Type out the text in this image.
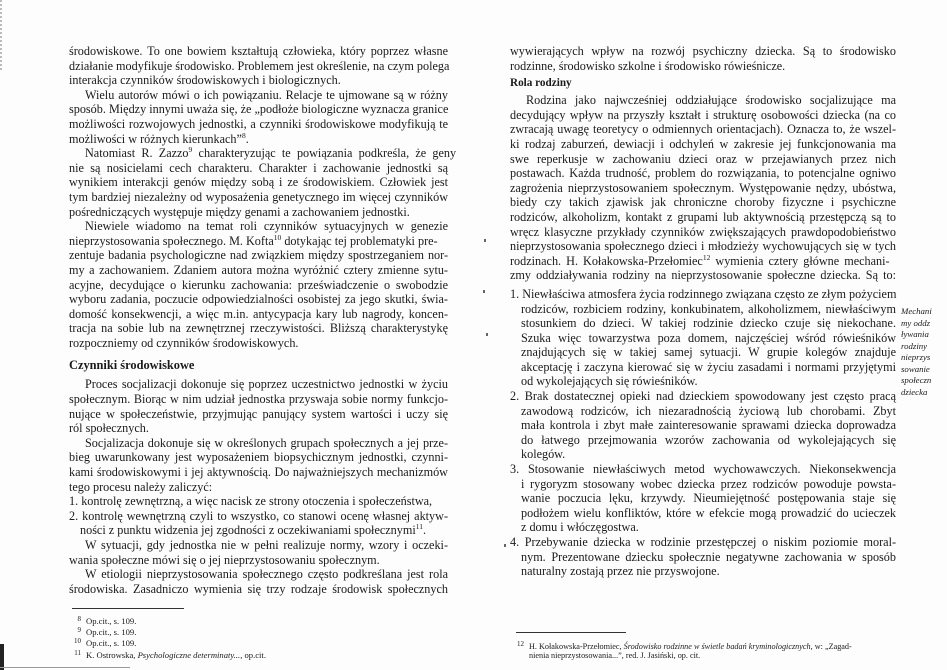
środowiskowe. To one bowiem kształtują człowieka, który poprzez własne
działanie modyfikuje środowisko. Problemem jest określenie, na czym polega
interakcja czynników środowiskowych i biologicznych.
Wielu autorów mówi o ich powiązaniu. Relacje te ujmowane są w różny
sposób. Między innymi uważa się, że „podłoże biologiczne wyznacza granice
możliwości rozwojowych jednostki, a czynniki środowiskowe modyfikują te
możliwości w różnych kierunkach”$^8$.
Natomiast R. Zazzo$^9$ charakteryzując te powiązania podkreśla, że geny
nie są nosicielami cech charakteru. Charakter i zachowanie jednostki są
wynikiem interakcji genów między sobą i ze środowiskiem. Człowiek jest
tym bardziej niezależny od wyposażenia genetycznego im więcej czynników
pośredniczących występuje między genami a zachowaniem jednostki.
Niewiele wiadomo na temat roli czynników sytuacyjnych w genezie
nieprzystosowania społecznego. M. Kofta$^{10}$ dotykając tej problematyki pre-
zentuje badania psychologiczne nad związkiem między spostrzeganiem nor-
my a zachowaniem. Zdaniem autora można wyróżnić cztery zmienne sytu-
acyjne, decydujące o kierunku zachowania: przeświadczenie o swobodzie
wyboru zadania, poczucie odpowiedzialności osobistej za jego skutki, świa-
domość konsekwencji, a więc m.in. antycypacja kary lub nagrody, koncen-
tracja na sobie lub na zewnętrznej rzeczywistości. Bliższą charakterystykę
rozpoczniemy od czynników środowiskowych.
Czynniki środowiskowe
Proces socjalizacji dokonuje się poprzez uczestnictwo jednostki w życiu
społecznym. Biorąc w nim udział jednostka przyswaja sobie normy funkcjo-
nujące w społeczeństwie, przyjmując panujący system wartości i uczy się
ról społecznych.
Socjalizacja dokonuje się w określonych grupach społecznych a jej prze-
bieg uwarunkowany jest wyposażeniem biopsychicznym jednostki, czynni-
kami środowiskowymi i jej aktywnością. Do najważniejszych mechanizmów
tego procesu należy zaliczyć:
1. kontrolę zewnętrzną, a więc nacisk ze strony otoczenia i społeczeństwa,
2. kontrolę wewnętrzną czyli to wszystko, co stanowi ocenę własnej aktyw-
ności z punktu widzenia jej zgodności z oczekiwaniami społecznymi$^{11}$.
W sytuacji, gdy jednostka nie w pełni realizuje normy, wzory i oczeki-
wania społeczne mówi się o jej nieprzystosowaniu społecznym.
W etiologii nieprzystosowania społecznego często podkreślana jest rola
środowiska. Zasadniczo wymienia się trzy rodzaje środowisk społecznych
8 Op.cit., s. 109.
9 Op.cit., s. 109.
10 Op.cit., s. 109.
11 K. Ostrowska, Psychologiczne determinaty..., op.cit.
wywierających wpływ na rozwój psychiczny dziecka. Są to środowisko
rodzinne, środowisko szkolne i środowisko rówieśnicze.
Rola rodziny
Rodzina jako najwcześniej oddziałujące środowisko socjalizujące ma
decydujący wpływ na przyszły kształt i strukturę osobowości dziecka (na co
zwracają uwagę teoretycy o odmiennych orientacjach). Oznacza to, że wszel-
ki rodzaj zaburzeń, dewiacji i odchyleń w zakresie jej funkcjonowania ma
swe reperkusje w zachowaniu dzieci oraz w przejawianych przez nich
postawach. Każda trudność, problem do rozwiązania, to potencjalne ogniwo
zagrożenia nieprzystosowaniem społecznym. Występowanie nędzy, ubóstwa,
biedy czy takich zjawisk jak chroniczne choroby fizyczne i psychiczne
rodziców, alkoholizm, kontakt z grupami lub aktywnością przestępczą są to
wręcz klasyczne przykłady czynników zwiększających prawdopodobieństwo
nieprzystosowania społecznego dzieci i młodzieży wychowujących się w tych
rodzinach. H. Kołakowska-Przełomiec$^{12}$ wymienia cztery główne mechani-
zmy oddziaływania rodziny na nieprzystosowanie społeczne dziecka. Są to:
1. Niewłaściwa atmosfera życia rodzinnego związana często ze złym pożyciem
rodziców, rozbiciem rodziny, konkubinatem, alkoholizmem, niewłaściwym
stosunkiem do dzieci. W takiej rodzinie dziecko czuje się niekochane.
Szuka więc towarzystwa poza domem, najczęściej wśród rówieśników
znajdujących się w takiej samej sytuacji. W grupie kolegów znajduje
akceptację i zaczyna kierować się w życiu zasadami i normami przyjętymi
od wykolejających się rówieśników.
2. Brak dostatecznej opieki nad dzieckiem spowodowany jest często pracą
zawodową rodziców, ich niezaradnością życiową lub chorobami. Zbyt
mała kontrola i zbyt małe zainteresowanie sprawami dziecka doprowadza
do łatwego przejmowania wzorów zachowania od wykolejających się
kolegów.
3. Stosowanie niewłaściwych metod wychowawczych. Niekonsekwencja
i rygoryzm stosowany wobec dziecka przez rodziców powoduje powsta-
wanie poczucia lęku, krzywdy. Nieumiejętność postępowania staje się
podłożem wielu konfliktów, które w efekcie mogą prowadzić do ucieczek
z domu i włóczęgostwa.
4. Przebywanie dziecka w rodzinie przestępczej o niskim poziomie moral-
nym. Prezentowane dziecku społecznie negatywne zachowania w sposób
naturalny zostają przez nie przyswojone.
12 H. Kołakowska-Przełomiec, Środowisko rodzinne w świetle badań kryminologicznych, w: „Zagad-
nienia nieprzystosowania...”, red. J. Jasiński, op. cit.
Mechani
my oddz
ływania
rodziny
nieprzys
sowanie
społeczn
dziecka
